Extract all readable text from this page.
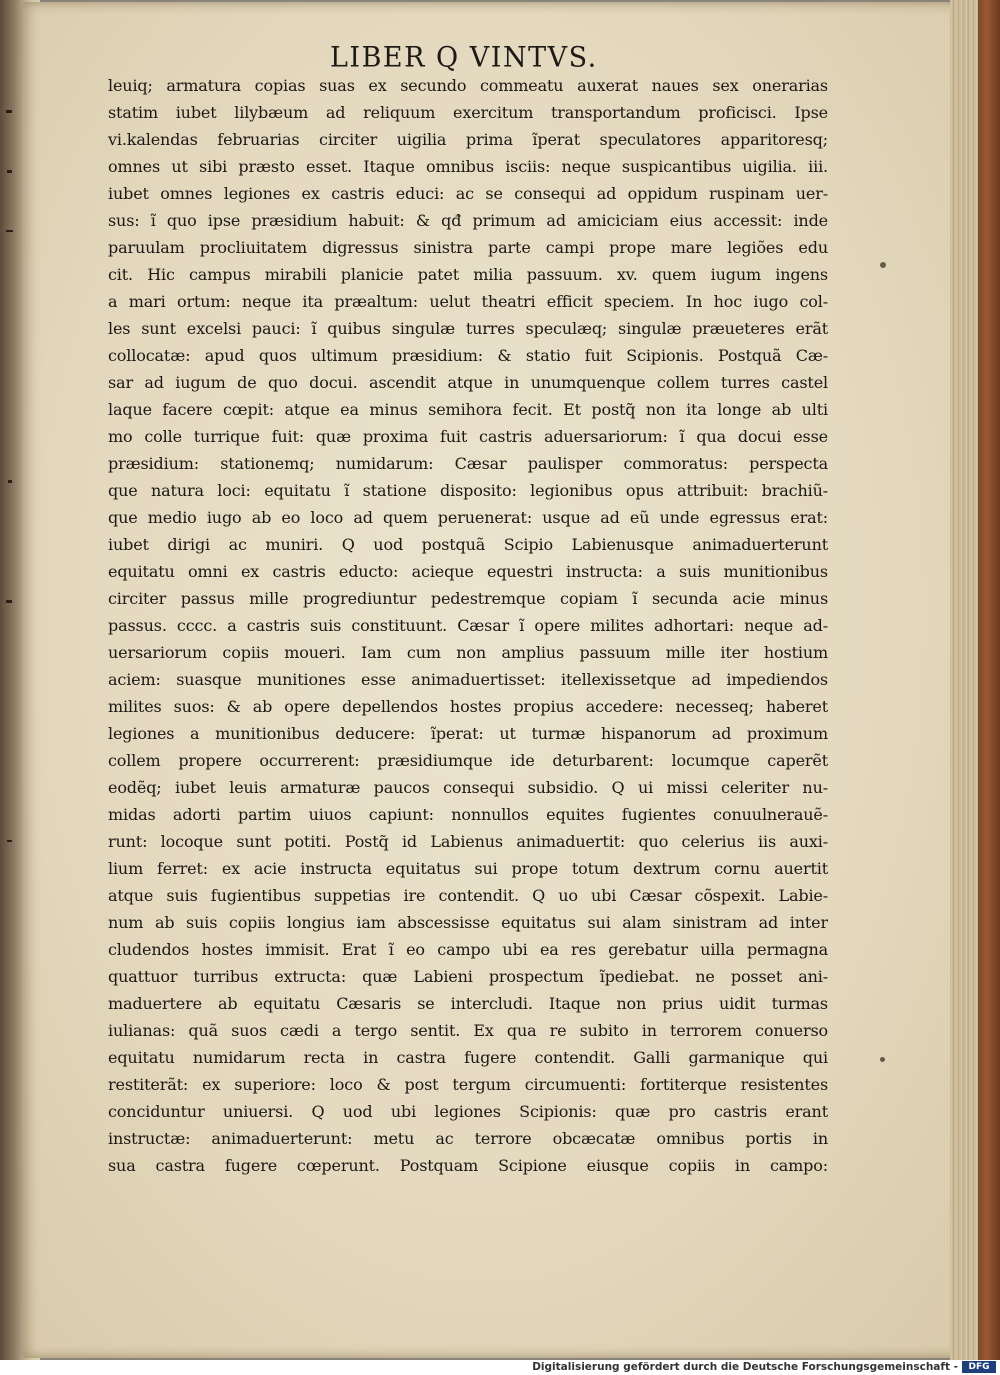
LIBER Q VINTVS.
leuiq; armatura copias suas ex secundo commeatu auxerat naues sex onerarias
statim iubet lilybæum ad reliquum exercitum transportandum proficisci. Ipse
vi.kalendas februarias circiter uigilia prima ĩperat speculatores apparitoresq;
omnes ut sibi præsto esset. Itaque omnibus isciis: neque suspicantibus uigilia. iii.
iubet omnes legiones ex castris educi: ac se consequi ad oppidum ruspinam uer-
sus: ĩ quo ipse præsidium habuit: & qđ primum ad amiciciam eius accessit: inde
paruulam procliuitatem digressus sinistra parte campi prope mare legiões edu
cit. Hic campus mirabili planicie patet milia passuum. xv. quem iugum ingens
a mari ortum: neque ita præaltum: uelut theatri efficit speciem. In hoc iugo col-
les sunt excelsi pauci: ĩ quibus singulæ turres speculæq; singulæ præueteres erãt
collocatæ: apud quos ultimum præsidium: & statio fuit Scipionis. Postquã Cæ-
sar ad iugum de quo docui. ascendit atque in unumquenque collem turres castel
laque facere cœpit: atque ea minus semihora fecit. Et postq̃ non ita longe ab ulti
mo colle turrique fuit: quæ proxima fuit castris aduersariorum: ĩ qua docui esse
præsidium: stationemq; numidarum: Cæsar paulisper commoratus: perspecta
que natura loci: equitatu ĩ statione disposito: legionibus opus attribuit: brachiũ-
que medio iugo ab eo loco ad quem peruenerat: usque ad eũ unde egressus erat:
iubet dirigi ac muniri. Q uod postquã Scipio Labienusque animaduerterunt
equitatu omni ex castris educto: acieque equestri instructa: a suis munitionibus
circiter passus mille progrediuntur pedestremque copiam ĩ secunda acie minus
passus. cccc. a castris suis constituunt. Cæsar ĩ opere milites adhortari: neque ad-
uersariorum copiis moueri. Iam cum non amplius passuum mille iter hostium
aciem: suasque munitiones esse animaduertisset: itellexissetque ad impediendos
milites suos: & ab opere depellendos hostes propius accedere: necesseq; haberet
legiones a munitionibus deducere: ĩperat: ut turmæ hispanorum ad proximum
collem propere occurrerent: præsidiumque ide deturbarent: locumque caperẽt
eodẽq; iubet leuis armaturæ paucos consequi subsidio. Q ui missi celeriter nu-
midas adorti partim uiuos capiunt: nonnullos equites fugientes conuulnerauẽ-
runt: locoque sunt potiti. Postq̃ id Labienus animaduertit: quo celerius iis auxi-
lium ferret: ex acie instructa equitatus sui prope totum dextrum cornu auertit
atque suis fugientibus suppetias ire contendit. Q uo ubi Cæsar cõspexit. Labie-
num ab suis copiis longius iam abscessisse equitatus sui alam sinistram ad inter
cludendos hostes immisit. Erat ĩ eo campo ubi ea res gerebatur uilla permagna
quattuor turribus extructa: quæ Labieni prospectum ĩpediebat. ne posset ani-
maduertere ab equitatu Cæsaris se intercludi. Itaque non prius uidit turmas
iulianas: quã suos cædi a tergo sentit. Ex qua re subito in terrorem conuerso
equitatu numidarum recta in castra fugere contendit. Galli garmanique qui
restiterãt: ex superiore: loco & post tergum circumuenti: fortiterque resistentes
conciduntur uniuersi. Q uod ubi legiones Scipionis: quæ pro castris erant
instructæ: animaduerterunt: metu ac terrore obcæcatæ omnibus portis in
sua castra fugere cœperunt. Postquam Scipione eiusque copiis in campo:
Digitalisierung gefördert durch die Deutsche Forschungsgemeinschaft -	DFG
